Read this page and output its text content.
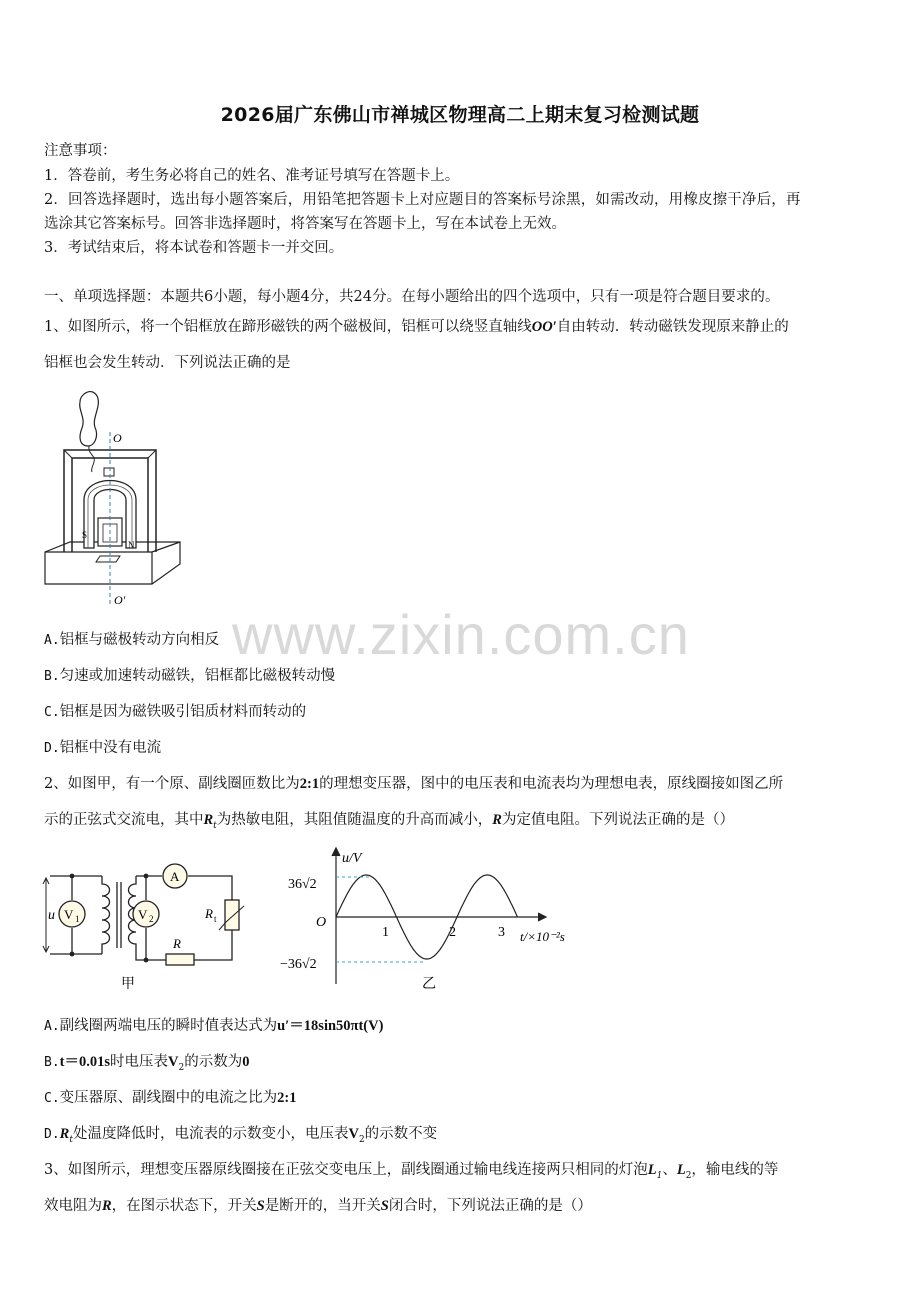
2026届广东佛山市禅城区物理高二上期末复习检测试题
注意事项：
1．答卷前，考生务必将自己的姓名、准考证号填写在答题卡上。
2．回答选择题时，选出每小题答案后，用铅笔把答题卡上对应题目的答案标号涂黑，如需改动，用橡皮擦干净后，再
选涂其它答案标号。回答非选择题时，将答案写在答题卡上，写在本试卷上无效。
3．考试结束后，将本试卷和答题卡一并交回。
一、单项选择题：本题共6小题，每小题4分，共24分。在每小题给出的四个选项中，只有一项是符合题目要求的。
1、如图所示，将一个铝框放在蹄形磁铁的两个磁极间，铝框可以绕竖直轴线OO′自由转动．转动磁铁发现原来静止的
铝框也会发生转动．下列说法正确的是
O
O′
S
N
A.铝框与磁极转动方向相反
B.匀速或加速转动磁铁，铝框都比磁极转动慢
C.铝框是因为磁铁吸引铝质材料而转动的
D.铝框中没有电流
www.zixin.com.cn
2、如图甲，有一个原、副线圈匝数比为2:1的理想变压器，图中的电压表和电流表均为理想电表，原线圈接如图乙所
示的正弦式交流电，其中$R_t$为热敏电阻，其阻值随温度的升高而减小，R为定值电阻。下列说法正确的是（）
u V 1	V 2
A
R t
R
甲
u/V
36√2
−36√2
O
1	2	3 t/×10⁻²s
乙
A.副线圈两端电压的瞬时值表达式为u′＝18sin50πt(V)
B.t＝0.01s时电压表$V_2$的示数为0
C.变压器原、副线圈中的电流之比为2:1
$D.R_t$处温度降低时，电流表的示数变小，电压表$V_2$的示数不变
3、如图所示，理想变压器原线圈接在正弦交变电压上，副线圈通过输电线连接两只相同的灯泡$L_1$、$L_2$，输电线的等
效电阻为R，在图示状态下，开关S是断开的，当开关S闭合时，下列说法正确的是（）
